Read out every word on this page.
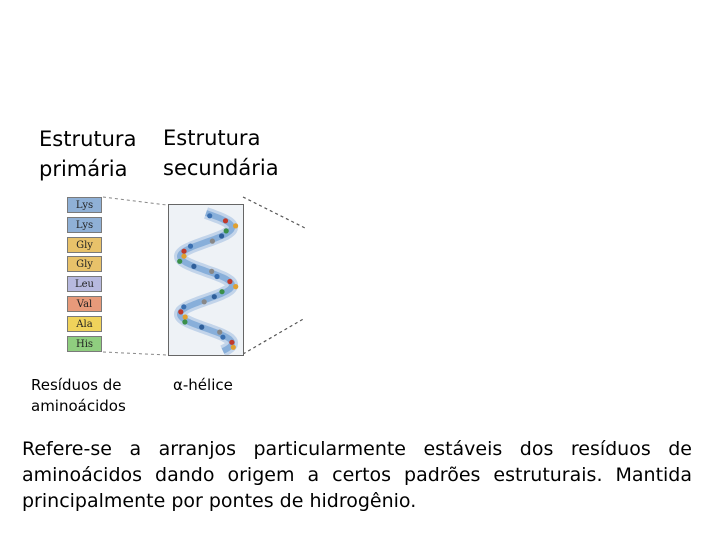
Estrutura
primária
Estrutura
secundária
Lys
Lys
Gly
Gly
Leu
Val
Ala
His
Resíduos de
aminoácidos
α-hélice
Refere-se a arranjos particularmente estáveis dos resíduos de aminoácidos dando origem a certos padrões estruturais. Mantida principalmente por pontes de hidrogênio.
